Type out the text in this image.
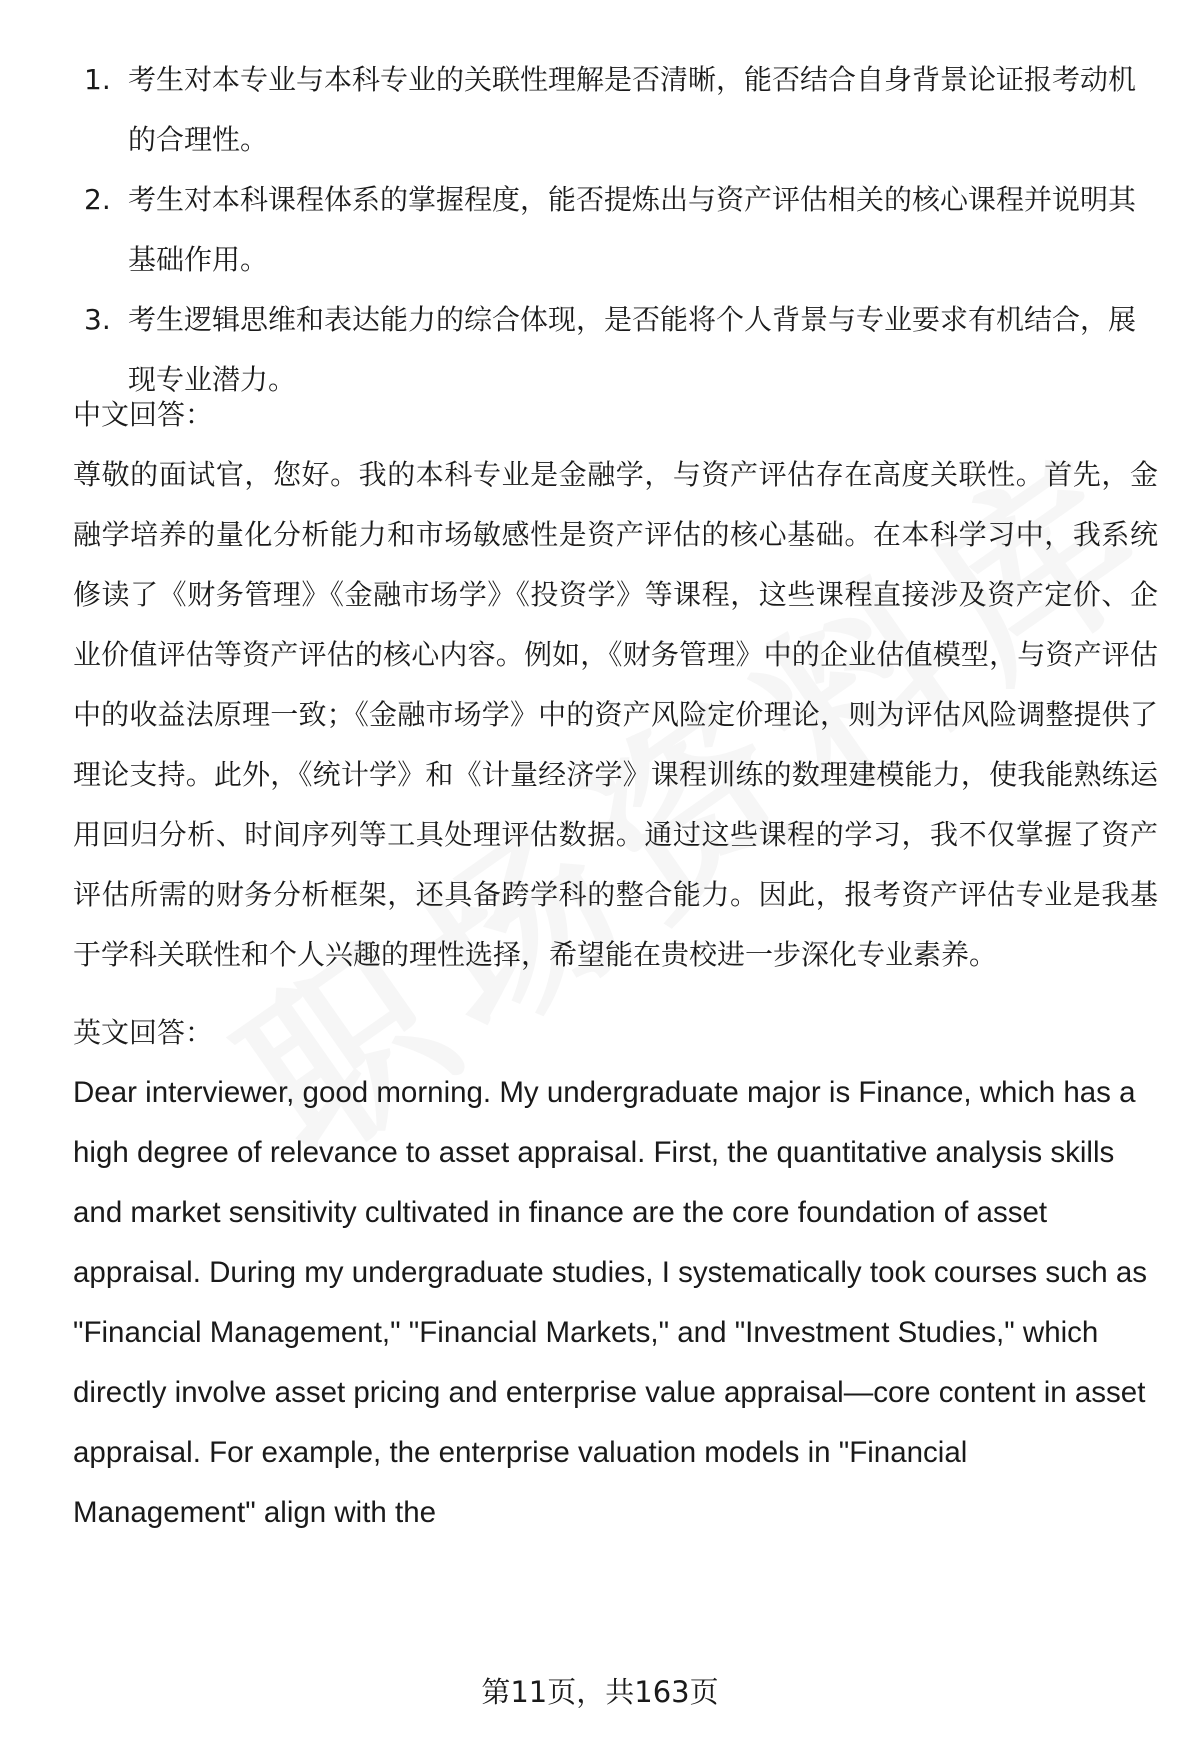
1. 考生对本专业与本科专业的关联性理解是否清晰，能否结合自身背景论证报考动机的合理性。
2. 考生对本科课程体系的掌握程度，能否提炼出与资产评估相关的核心课程并说明其基础作用。
3. 考生逻辑思维和表达能力的综合体现，是否能将个人背景与专业要求有机结合，展现专业潜力。
中文回答：
尊敬的面试官，您好。我的本科专业是金融学，与资产评估存在高度关联性。首先，金融学培养的量化分析能力和市场敏感性是资产评估的核心基础。在本科学习中，我系统修读了《财务管理》《金融市场学》《投资学》等课程，这些课程直接涉及资产定价、企业价值评估等资产评估的核心内容。例如，《财务管理》中的企业估值模型，与资产评估中的收益法原理一致；《金融市场学》中的资产风险定价理论，则为评估风险调整提供了理论支持。此外，《统计学》和《计量经济学》课程训练的数理建模能力，使我能熟练运用回归分析、时间序列等工具处理评估数据。通过这些课程的学习，我不仅掌握了资产评估所需的财务分析框架，还具备跨学科的整合能力。因此，报考资产评估专业是我基于学科关联性和个人兴趣的理性选择，希望能在贵校进一步深化专业素养。
英文回答：
Dear interviewer, good morning. My undergraduate major is Finance, which has a high degree of relevance to asset appraisal. First, the quantitative analysis skills and market sensitivity cultivated in finance are the core foundation of asset appraisal. During my undergraduate studies, I systematically took courses such as "Financial Management," "Financial Markets," and "Investment Studies," which directly involve asset pricing and enterprise value appraisal—core content in asset appraisal. For example, the enterprise valuation models in "Financial Management" align with the
第11页，共163页
